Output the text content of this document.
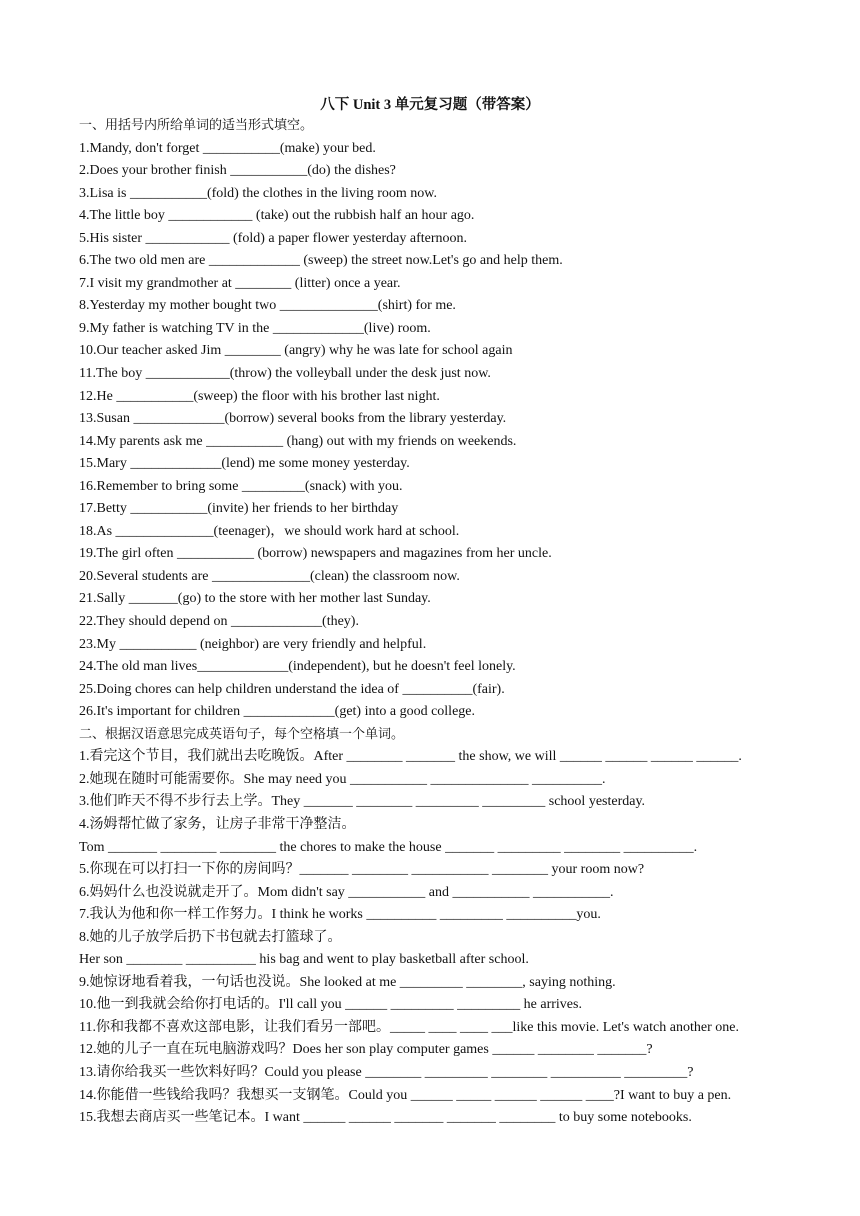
八下 Unit 3 单元复习题（带答案）
一、用括号内所给单词的适当形式填空。
1.Mandy, don't forget ___________(make) your bed.
2.Does your brother finish ___________(do) the dishes?
3.Lisa is ___________(fold) the clothes in the living room now.
4.The little boy ____________ (take) out the rubbish half an hour ago.
5.His sister ____________ (fold) a paper flower yesterday afternoon.
6.The two old men are _____________ (sweep) the street now.Let's go and help them.
7.I visit my grandmother at ________ (litter) once a year.
8.Yesterday my mother bought two ______________(shirt) for me.
9.My father is watching TV in the _____________(live) room.
10.Our teacher asked Jim ________ (angry) why he was late for school again
11.The boy ____________(throw) the volleyball under the desk just now.
12.He ___________(sweep) the floor with his brother last night.
13.Susan _____________(borrow) several books from the library yesterday.
14.My parents ask me ___________ (hang) out with my friends on weekends.
15.Mary _____________(lend) me some money yesterday.
16.Remember to bring some _________(snack) with you.
17.Betty ___________(invite) her friends to her birthday
18.As ______________(teenager)，we should work hard at school.
19.The girl often ___________ (borrow) newspapers and magazines from her uncle.
20.Several students are ______________(clean) the classroom now.
21.Sally _______(go) to the store with her mother last Sunday.
22.They should depend on _____________(they).
23.My ___________ (neighbor) are very friendly and helpful.
24.The old man lives_____________(independent), but he doesn't feel lonely.
25.Doing chores can help children understand the idea of __________(fair).
26.It's important for children _____________(get) into a good college.
二、根据汉语意思完成英语句子，每个空格填一个单词。
1.看完这个节目，我们就出去吃晚饭。After ________ _______ the show, we will ______ ______ ______ ______.
2.她现在随时可能需要你。She may need you ___________ ______________ __________.
3.他们昨天不得不步行去上学。They _______ ________ _________ _________ school yesterday.
4.汤姆帮忙做了家务，让房子非常干净整洁。
Tom _______ ________ ________ the chores to make the house _______ _________ ________ __________.
5.你现在可以打扫一下你的房间吗？_______ ________ ___________ ________ your room now?
6.妈妈什么也没说就走开了。Mom didn't say ___________ and ___________ ___________.
7.我认为他和你一样工作努力。I think he works __________ _________ __________you.
8.她的儿子放学后扔下书包就去打篮球了。
Her son ________ __________ his bag and went to play basketball after school.
9.她惊讶地看着我，一句话也没说。She looked at me _________ ________, saying nothing.
10.他一到我就会给你打电话的。I'll call you ______ _________ _________ he arrives.
11.你和我都不喜欢这部电影，让我们看另一部吧。_____ ____ ____ ___like this movie. Let's watch another one.
12.她的儿子一直在玩电脑游戏吗？Does her son play computer games ______ ________ _______?
13.请你给我买一些饮料好吗？Could you please ________ _________ ________ __________ _________?
14.你能借一些钱给我吗？我想买一支钢笔。Could you ______ _____ ______ ______ ____?I want to buy a pen.
15.我想去商店买一些笔记本。I want ______ ______ _______ _______ ________ to buy some notebooks.
